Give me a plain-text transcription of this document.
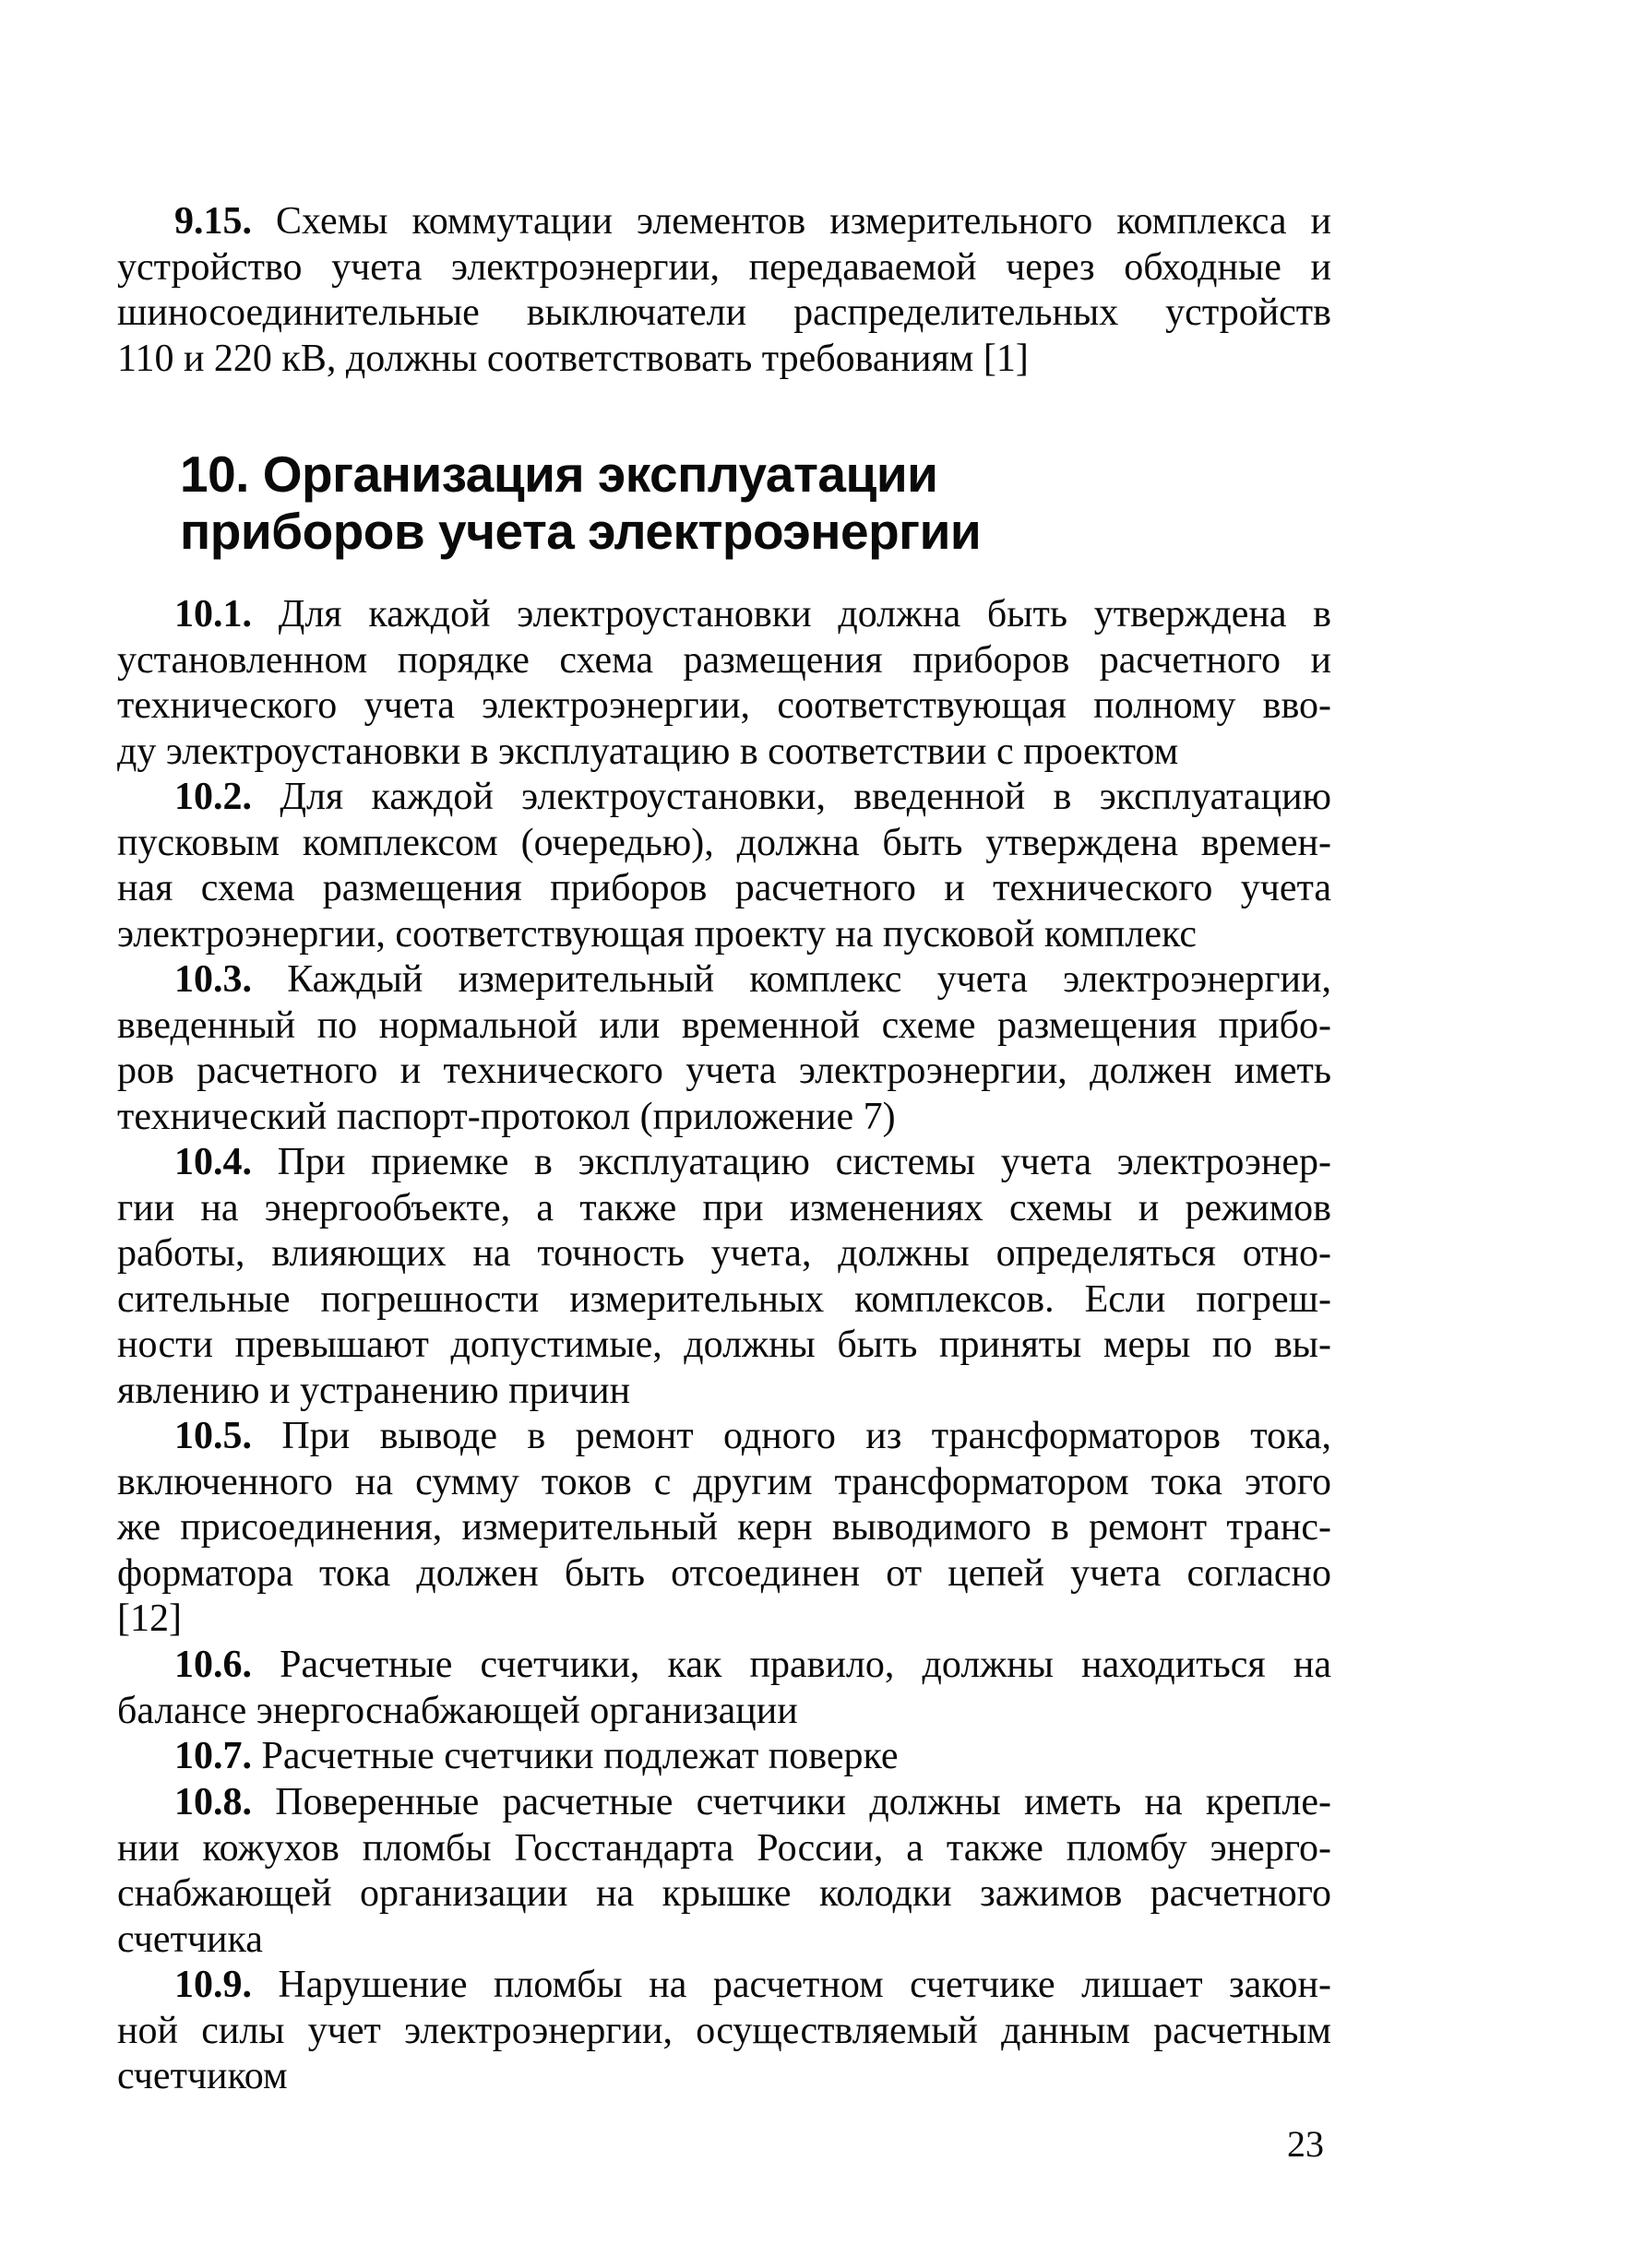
9.15. Схемы коммутации элементов измерительного комплекса и
устройство учета электроэнергии, передаваемой через обходные и
шиносоединительные выключатели распределительных устройств
110 и 220 кВ, должны соответствовать требованиям [1]
10. Организация эксплуатации
приборов учета электроэнергии
10.1. Для каждой электроустановки должна быть утверждена в
установленном порядке схема размещения приборов расчетного и
технического учета электроэнергии, соответствующая полному вво-
ду электроустановки в эксплуатацию в соответствии с проектом
10.2. Для каждой электроустановки, введенной в эксплуатацию
пусковым комплексом (очередью), должна быть утверждена времен-
ная схема размещения приборов расчетного и технического учета
электроэнергии, соответствующая проекту на пусковой комплекс
10.3. Каждый измерительный комплекс учета электроэнергии,
введенный по нормальной или временной схеме размещения прибо-
ров расчетного и технического учета электроэнергии, должен иметь
технический паспорт-протокол (приложение 7)
10.4. При приемке в эксплуатацию системы учета электроэнер-
гии на энергообъекте, а также при изменениях схемы и режимов
работы, влияющих на точность учета, должны определяться отно-
сительные погрешности измерительных комплексов. Если погреш-
ности превышают допустимые, должны быть приняты меры по вы-
явлению и устранению причин
10.5. При выводе в ремонт одного из трансформаторов тока,
включенного на сумму токов с другим трансформатором тока этого
же присоединения, измерительный керн выводимого в ремонт транс-
форматора тока должен быть отсоединен от цепей учета согласно
[12]
10.6. Расчетные счетчики, как правило, должны находиться на
балансе энергоснабжающей организации
10.7. Расчетные счетчики подлежат поверке
10.8. Поверенные расчетные счетчики должны иметь на крепле-
нии кожухов пломбы Госстандарта России, а также пломбу энерго-
снабжающей организации на крышке колодки зажимов расчетного
счетчика
10.9. Нарушение пломбы на расчетном счетчике лишает закон-
ной силы учет электроэнергии, осуществляемый данным расчетным
счетчиком
23
